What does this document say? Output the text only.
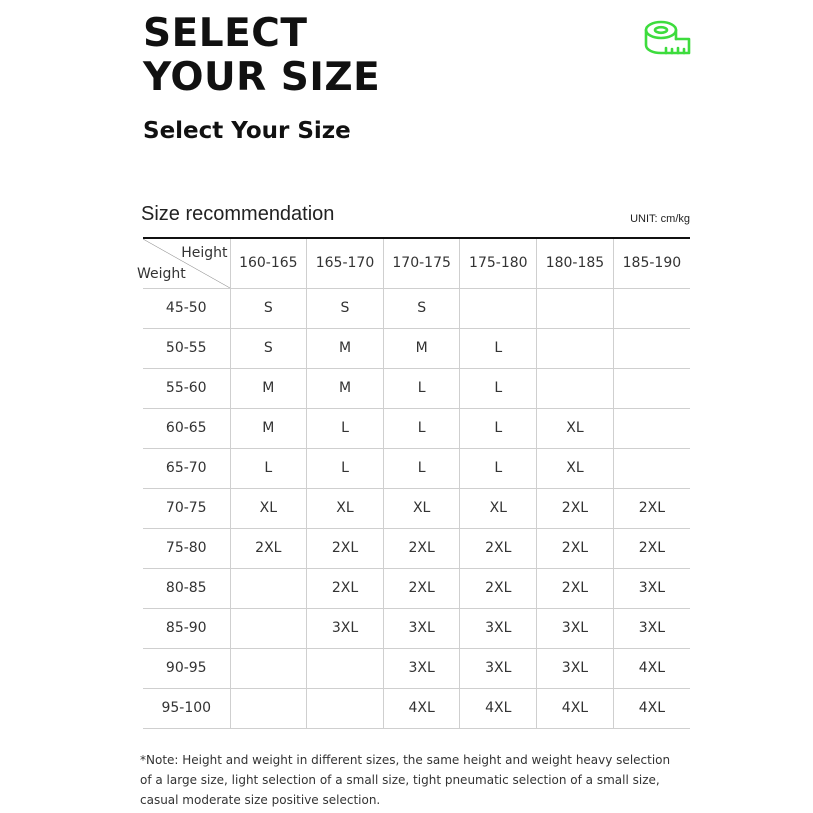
SELECT
YOUR SIZE
Select Your Size
Size recommendation	UNIT: cm/kg
Height
Weight	160-165	165-170	170-175	175-180	180-185	185-190
45-50	S	S	S			
50-55	S	M	M	L		
55-60	M	M	L	L		
60-65	M	L	L	L	XL	
65-70	L	L	L	L	XL	
70-75	XL	XL	XL	XL	2XL	2XL
75-80	2XL	2XL	2XL	2XL	2XL	2XL
80-85		2XL	2XL	2XL	2XL	3XL
85-90		3XL	3XL	3XL	3XL	3XL
90-95			3XL	3XL	3XL	4XL
95-100			4XL	4XL	4XL	4XL
*Note: Height and weight in different sizes, the same height and weight heavy selection of a large size, light selection of a small size, tight pneumatic selection of a small size, casual moderate size positive selection.
